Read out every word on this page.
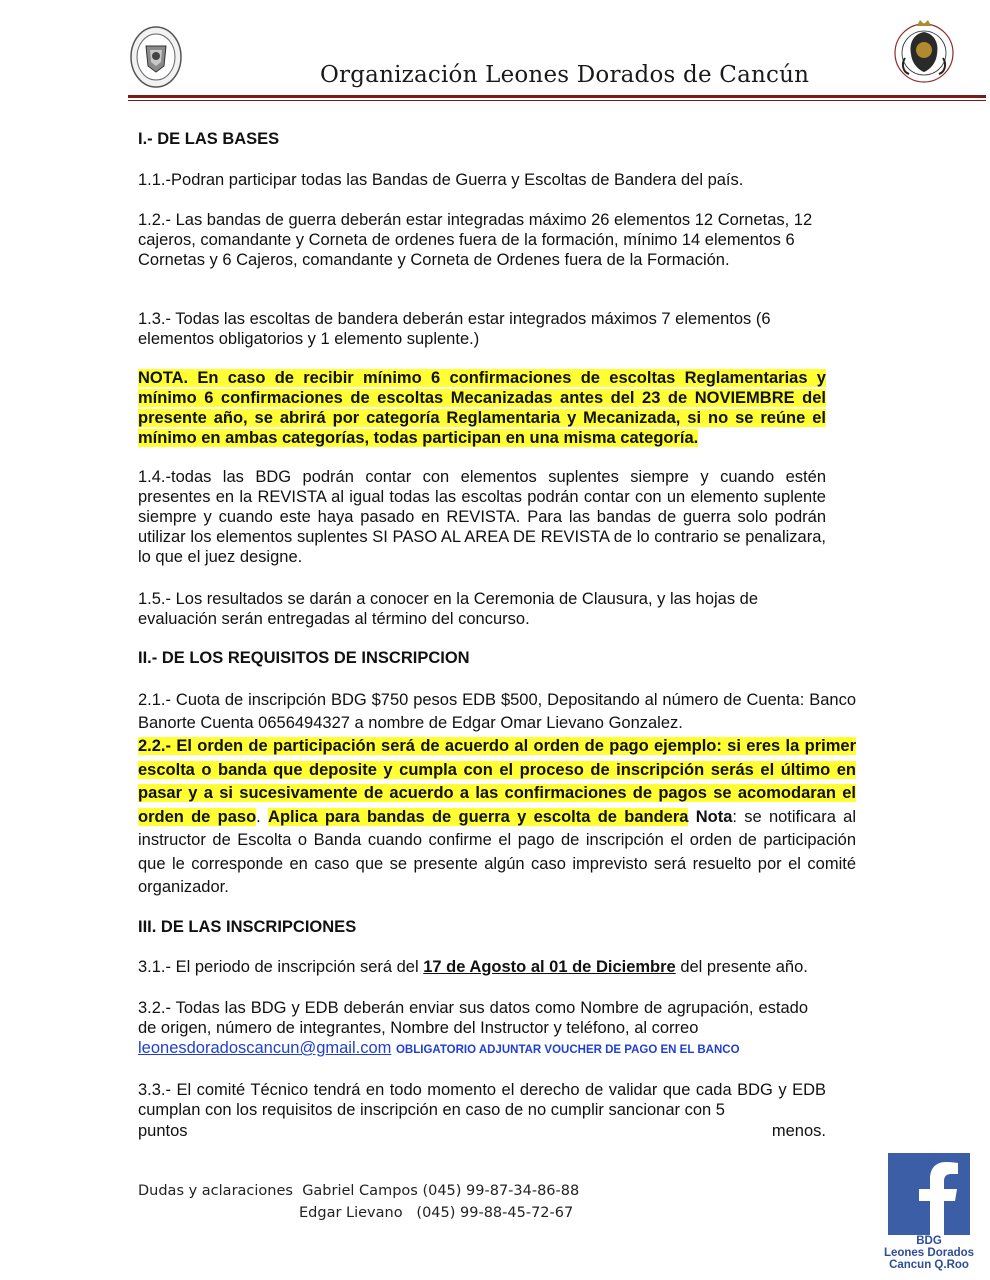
Organización Leones Dorados de Cancún
I.- DE LAS BASES
1.1.-Podran participar todas las Bandas de Guerra y Escoltas de Bandera del país.
1.2.- Las bandas de guerra deberán estar integradas máximo 26 elementos 12 Cornetas, 12 cajeros, comandante y Corneta de ordenes fuera de la formación, mínimo 14 elementos 6 Cornetas y 6 Cajeros, comandante y Corneta de Ordenes fuera de la Formación.
1.3.- Todas las escoltas de bandera deberán estar integrados máximos 7 elementos (6 elementos obligatorios y 1 elemento suplente.)
NOTA. En caso de recibir mínimo 6 confirmaciones de escoltas Reglamentarias y mínimo 6 confirmaciones de escoltas Mecanizadas antes del 23 de NOVIEMBRE del presente año, se abrirá por categoría Reglamentaria y Mecanizada, si no se reúne el mínimo en ambas categorías, todas participan en una misma categoría.
1.4.-todas las BDG podrán contar con elementos suplentes siempre y cuando estén presentes en la REVISTA al igual todas las escoltas podrán contar con un elemento suplente siempre y cuando este haya pasado en REVISTA. Para las bandas de guerra solo podrán utilizar los elementos suplentes SI PASO AL AREA DE REVISTA de lo contrario se penalizara, lo que el juez designe.
1.5.- Los resultados se darán a conocer en la Ceremonia de Clausura, y las hojas de evaluación serán entregadas al término del concurso.
II.- DE LOS REQUISITOS DE INSCRIPCION
2.1.- Cuota de inscripción BDG $750 pesos EDB $500, Depositando al número de Cuenta: Banco Banorte Cuenta 0656494327 a nombre de Edgar Omar Lievano Gonzalez.
2.2.- El orden de participación será de acuerdo al orden de pago ejemplo: si eres la primer escolta o banda que deposite y cumpla con el proceso de inscripción serás el último en pasar y a si sucesivamente de acuerdo a las confirmaciones de pagos se acomodaran el orden de paso. Aplica para bandas de guerra y escolta de bandera Nota: se notificara al instructor de Escolta o Banda cuando confirme el pago de inscripción el orden de participación que le corresponde en caso que se presente algún caso imprevisto será resuelto por el comité organizador.
III. DE LAS INSCRIPCIONES
3.1.- El periodo de inscripción será del 17 de Agosto al 01 de Diciembre del presente año.
3.2.- Todas las BDG y EDB deberán enviar sus datos como Nombre de agrupación, estado de origen, número de integrantes, Nombre del Instructor y teléfono, al correo
leonesdoradoscancun@gmail.com OBLIGATORIO ADJUNTAR VOUCHER DE PAGO EN EL BANCO
3.3.- El comité Técnico tendrá en todo momento el derecho de validar que cada BDG y EDB cumplan con los requisitos de inscripción en caso de no cumplir sancionar con 5
puntos	menos.
Dudas y aclaraciones Gabriel Campos (045) 99-87-34-86-88
Edgar Lievano (045) 99-88-45-72-67
BDG
Leones Dorados
Cancun Q.Roo
